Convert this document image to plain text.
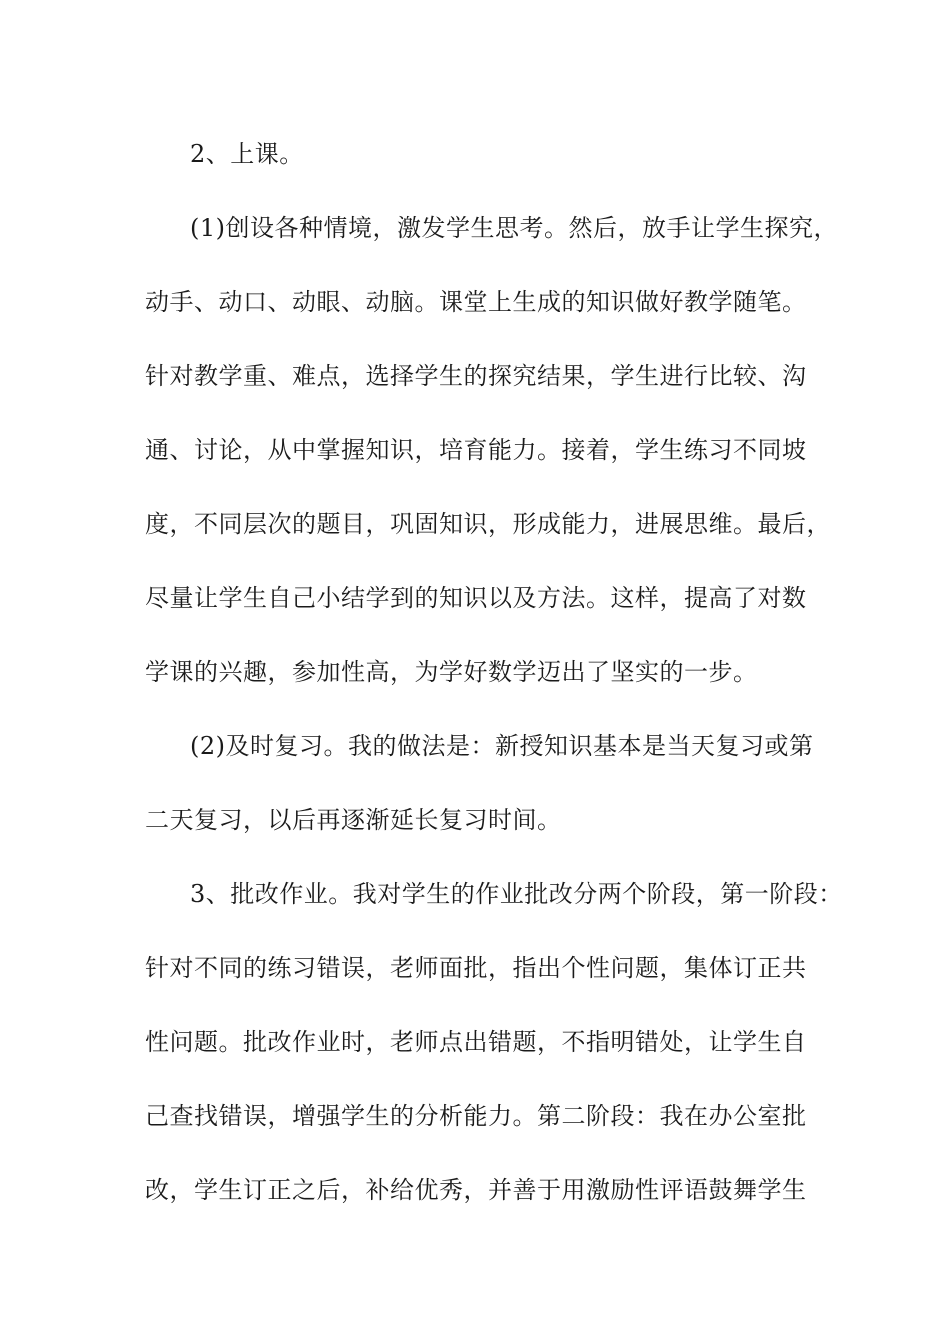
2、上课。
(1)创设各种情境，激发学生思考。然后，放手让学生探究，
动手、动口、动眼、动脑。课堂上生成的知识做好教学随笔。
针对教学重、难点，选择学生的探究结果，学生进行比较、沟
通、讨论，从中掌握知识，培育能力。接着，学生练习不同坡
度，不同层次的题目，巩固知识，形成能力，进展思维。最后，
尽量让学生自己小结学到的知识以及方法。这样，提高了对数
学课的兴趣，参加性高，为学好数学迈出了坚实的一步。
(2)及时复习。我的做法是：新授知识基本是当天复习或第
二天复习，以后再逐渐延长复习时间。
3、批改作业。我对学生的作业批改分两个阶段，第一阶段：
针对不同的练习错误，老师面批，指出个性问题，集体订正共
性问题。批改作业时，老师点出错题，不指明错处，让学生自
己查找错误，增强学生的分析能力。第二阶段：我在办公室批
改，学生订正之后，补给优秀，并善于用激励性评语鼓舞学生
